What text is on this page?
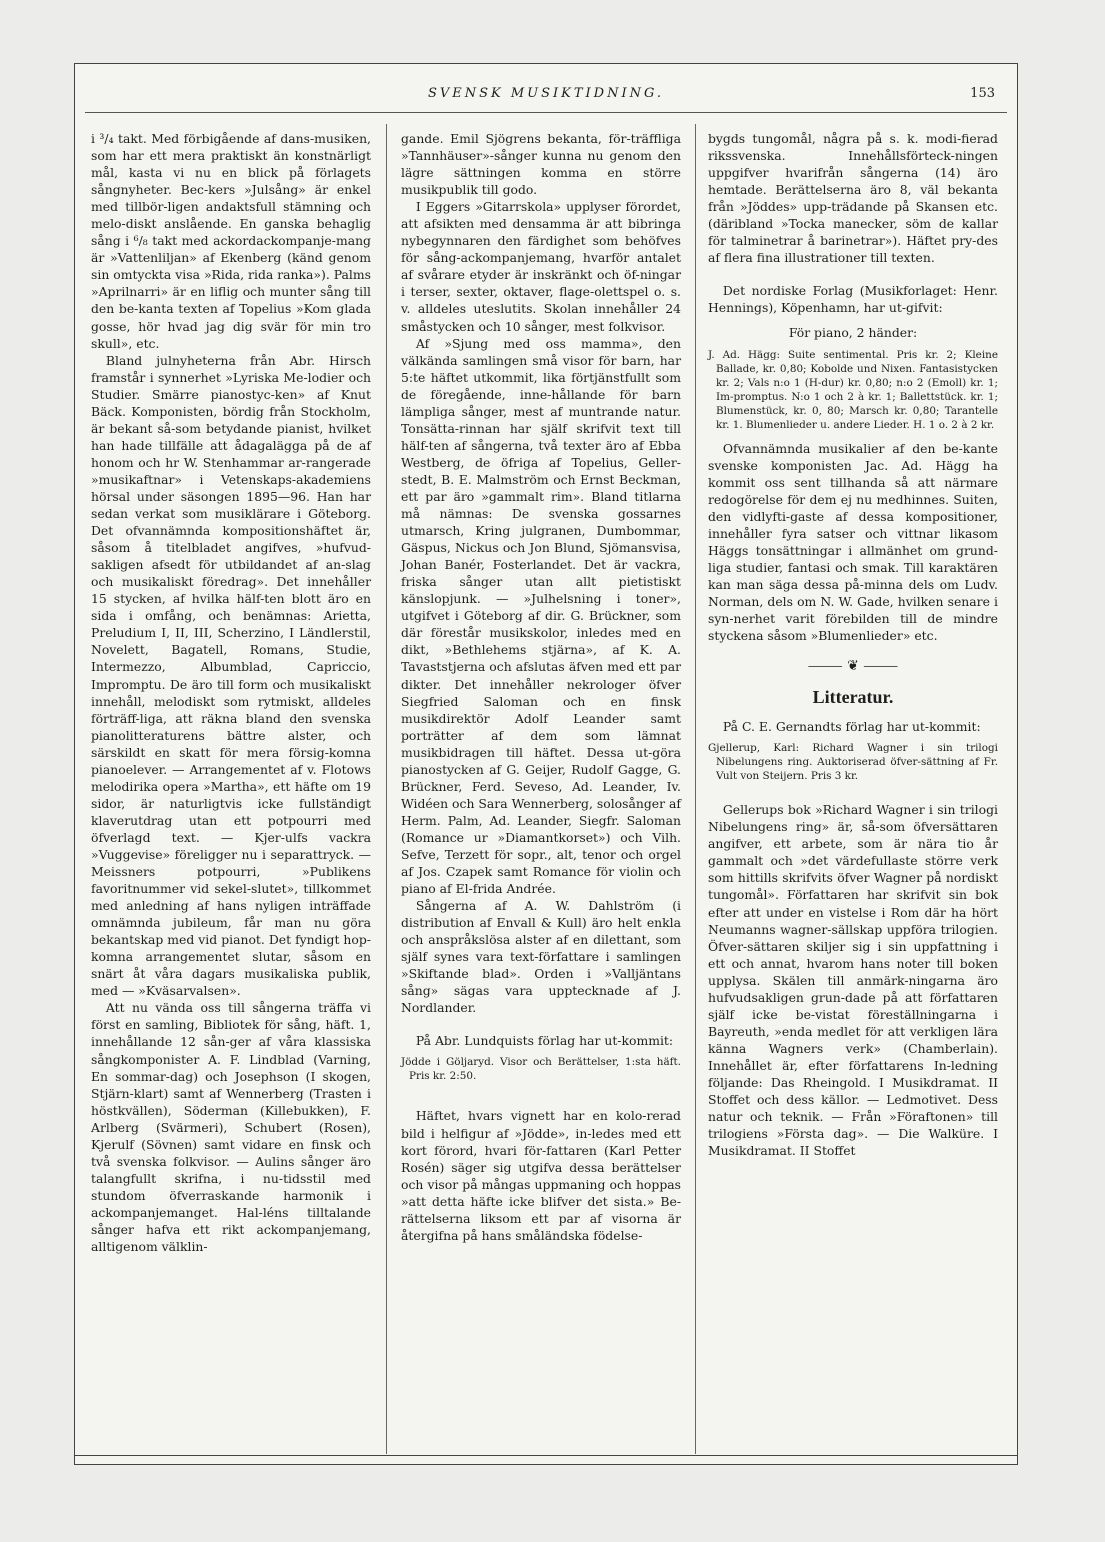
SVENSK MUSIKTIDNING.	153

i ³/₄ takt. Med förbigående af dans-musiken, som har ett mera praktiskt än konstnärligt mål, kasta vi nu en blick på förlagets sångnyheter. Bec-kers »Julsång» är enkel med tillbör-ligen andaktsfull stämning och melo-diskt anslående. En ganska behaglig sång i ⁶/₈ takt med ackordackompanje-mang är »Vattenliljan» af Ekenberg (känd genom sin omtyckta visa »Rida, rida ranka»). Palms »Aprilnarri» är en liflig och munter sång till den be-kanta texten af Topelius »Kom glada gosse, hör hvad jag dig svär för min tro skull», etc.

Bland julnyheterna från Abr. Hirsch framstår i synnerhet »Lyriska Me-lodier och Studier. Smärre pianostyc-ken» af Knut Bäck. Komponisten, bördig från Stockholm, är bekant så-som betydande pianist, hvilket han hade tillfälle att ådagalägga på de af honom och hr W. Stenhammar ar-rangerade »musikaftnar» i Vetenskaps-akademiens hörsal under säsongen 1895—96. Han har sedan verkat som musiklärare i Göteborg. Det ofvannämnda kompositionshäftet är, såsom å titelbladet angifves, »hufvud-sakligen afsedt för utbildandet af an-slag och musikaliskt föredrag». Det innehåller 15 stycken, af hvilka hälf-ten blott äro en sida i omfång, och benämnas: Arietta, Preludium I, II, III, Scherzino, I Ländlerstil, Novelett, Bagatell, Romans, Studie, Intermezzo, Albumblad, Capriccio, Impromptu. De äro till form och musikaliskt innehåll, melodiskt som rytmiskt, alldeles förträff-liga, att räkna bland den svenska pianolitteraturens bättre alster, och särskildt en skatt för mera försig-komna pianoelever. — Arrangementet af v. Flotows melodirika opera »Martha», ett häfte om 19 sidor, är naturligtvis icke fullständigt klaverutdrag utan ett potpourri med öfverlagd text. — Kjer-ulfs vackra »Vuggevise» föreligger nu i separattryck. — Meissners potpourri, »Publikens favoritnummer vid sekel-slutet», tillkommet med anledning af hans nyligen inträffade omnämnda jubileum, får man nu göra bekantskap med vid pianot. Det fyndigt hop-komna arrangementet slutar, såsom en snärt åt våra dagars musikaliska publik, med — »Kväsarvalsen».

Att nu vända oss till sångerna träffa vi först en samling, Bibliotek för sång, häft. 1, innehållande 12 sån-ger af våra klassiska sångkomponister A. F. Lindblad (Varning, En sommar-dag) och Josephson (I skogen, Stjärn-klart) samt af Wennerberg (Trasten i höstkvällen), Söderman (Killebukken), F. Arlberg (Svärmeri), Schubert (Rosen), Kjerulf (Sövnen) samt vidare en finsk och två svenska folkvisor. — Aulins sånger äro talangfullt skrifna, i nu-tidsstil med stundom öfverraskande harmonik i ackompanjemanget. Hal-léns tilltalande sånger hafva ett rikt ackompanjemang, alltigenom välklin-

gande. Emil Sjögrens bekanta, för-träffliga »Tannhäuser»-sånger kunna nu genom den lägre sättningen komma en större musikpublik till godo.

I Eggers »Gitarrskola» upplyser förordet, att afsikten med densamma är att bibringa nybegynnaren den färdighet som behöfves för sång-ackompanjemang, hvarför antalet af svårare etyder är inskränkt och öf-ningar i terser, sexter, oktaver, flage-olettspel o. s. v. alldeles uteslutits. Skolan innehåller 24 småstycken och 10 sånger, mest folkvisor.

Af »Sjung med oss mamma», den välkända samlingen små visor för barn, har 5:te häftet utkommit, lika förtjänstfullt som de föregående, inne-hållande för barn lämpliga sånger, mest af muntrande natur. Tonsätta-rinnan har själf skrifvit text till hälf-ten af sångerna, två texter äro af Ebba Westberg, de öfriga af Topelius, Geller-stedt, B. E. Malmström och Ernst Beckman, ett par äro »gammalt rim». Bland titlarna må nämnas: De svenska gossarnes utmarsch, Kring julgranen, Dumbommar, Gäspus, Nickus och Jon Blund, Sjömansvisa, Johan Banér, Fosterlandet. Det är vackra, friska sånger utan allt pietistiskt känslopjunk. — »Julhelsning i toner», utgifvet i Göteborg af dir. G. Brückner, som där förestår musikskolor, inledes med en dikt, »Bethlehems stjärna», af K. A. Tavaststjerna och afslutas äfven med ett par dikter. Det innehåller nekrologer öfver Siegfried Saloman och en finsk musikdirektör Adolf Leander samt porträtter af dem som lämnat musikbidragen till häftet. Dessa ut-göra pianostycken af G. Geijer, Rudolf Gagge, G. Brückner, Ferd. Seveso, Ad. Leander, Iv. Widéen och Sara Wennerberg, solosånger af Herm. Palm, Ad. Leander, Siegfr. Saloman (Romance ur »Diamantkorset») och Vilh. Sefve, Terzett för sopr., alt, tenor och orgel af Jos. Czapek samt Romance för violin och piano af El-frida Andrée.

Sångerna af A. W. Dahlström (i distribution af Envall & Kull) äro helt enkla och anspråkslösa alster af en dilettant, som själf synes vara text-författare i samlingen »Skiftande blad». Orden i »Valljäntans sång» sägas vara upptecknade af J. Nordlander.

På Abr. Lundquists förlag har ut-kommit:

Jödde i Göljaryd. Visor och Berättelser, 1:sta häft. Pris kr. 2:50.

Häftet, hvars vignett har en kolo-rerad bild i helfigur af »Jödde», in-ledes med ett kort förord, hvari för-fattaren (Karl Petter Rosén) säger sig utgifva dessa berättelser och visor på mångas uppmaning och hoppas »att detta häfte icke blifver det sista.» Be-rättelserna liksom ett par af visorna är återgifna på hans småländska födelse-

bygds tungomål, några på s. k. modi-fierad rikssvenska. Innehållsförteck-ningen uppgifver hvarifrån sångerna (14) äro hemtade. Berättelserna äro 8, väl bekanta från »Jöddes» upp-trädande på Skansen etc. (däribland »Tocka manecker, söm de kallar för talminetrar å barinetrar»). Häftet pry-des af flera fina illustrationer till texten.

Det nordiske Forlag (Musikforlaget: Henr. Hennings), Köpenhamn, har ut-gifvit:

För piano, 2 händer:

J. Ad. Hägg: Suite sentimental. Pris kr. 2; Kleine Ballade, kr. 0,80; Kobolde und Nixen. Fantasistycken kr. 2; Vals n:o 1 (H-dur) kr. 0,80; n:o 2 (Emoll) kr. 1; Im-promptus. N:o 1 och 2 à kr. 1; Ballettstück. kr. 1; Blumenstück, kr. 0, 80; Marsch kr. 0,80; Tarantelle kr. 1. Blumenlieder u. andere Lieder. H. 1 o. 2 à 2 kr.

Ofvannämnda musikalier af den be-kante svenske komponisten Jac. Ad. Hägg ha kommit oss sent tillhanda så att närmare redogörelse för dem ej nu medhinnes. Suiten, den vidlyfti-gaste af dessa kompositioner, innehåller fyra satser och vittnar likasom Häggs tonsättningar i allmänhet om grund-liga studier, fantasi och smak. Till karaktären kan man säga dessa på-minna dels om Ludv. Norman, dels om N. W. Gade, hvilken senare i syn-nerhet varit förebilden till de mindre styckena såsom »Blumenlieder» etc.

⸻ ❦ ⸻
Litteratur.

På C. E. Gernandts förlag har ut-kommit:

Gjellerup, Karl: Richard Wagner i sin trilogi Nibelungens ring. Auktoriserad öfver-sättning af Fr. Vult von Steijern. Pris 3 kr.

Gellerups bok »Richard Wagner i sin trilogi Nibelungens ring» är, så-som öfversättaren angifver, ett arbete, som är nära tio år gammalt och »det värdefullaste större verk som hittills skrifvits öfver Wagner på nordiskt tungomål». Författaren har skrifvit sin bok efter att under en vistelse i Rom där ha hört Neumanns wagner-sällskap uppföra trilogien. Öfver-sättaren skiljer sig i sin uppfattning i ett och annat, hvarom hans noter till boken upplysa. Skälen till anmärk-ningarna äro hufvudsakligen grun-dade på att författaren själf icke be-vistat föreställningarna i Bayreuth, »enda medlet för att verkligen lära känna Wagners verk» (Chamberlain). Innehållet är, efter författarens In-ledning följande: Das Rheingold. I Musikdramat. II Stoffet och dess källor. — Ledmotivet. Dess natur och teknik. — Från »Föraftonen» till trilogiens »Första dag». — Die Walküre. I Musikdramat. II Stoffet
